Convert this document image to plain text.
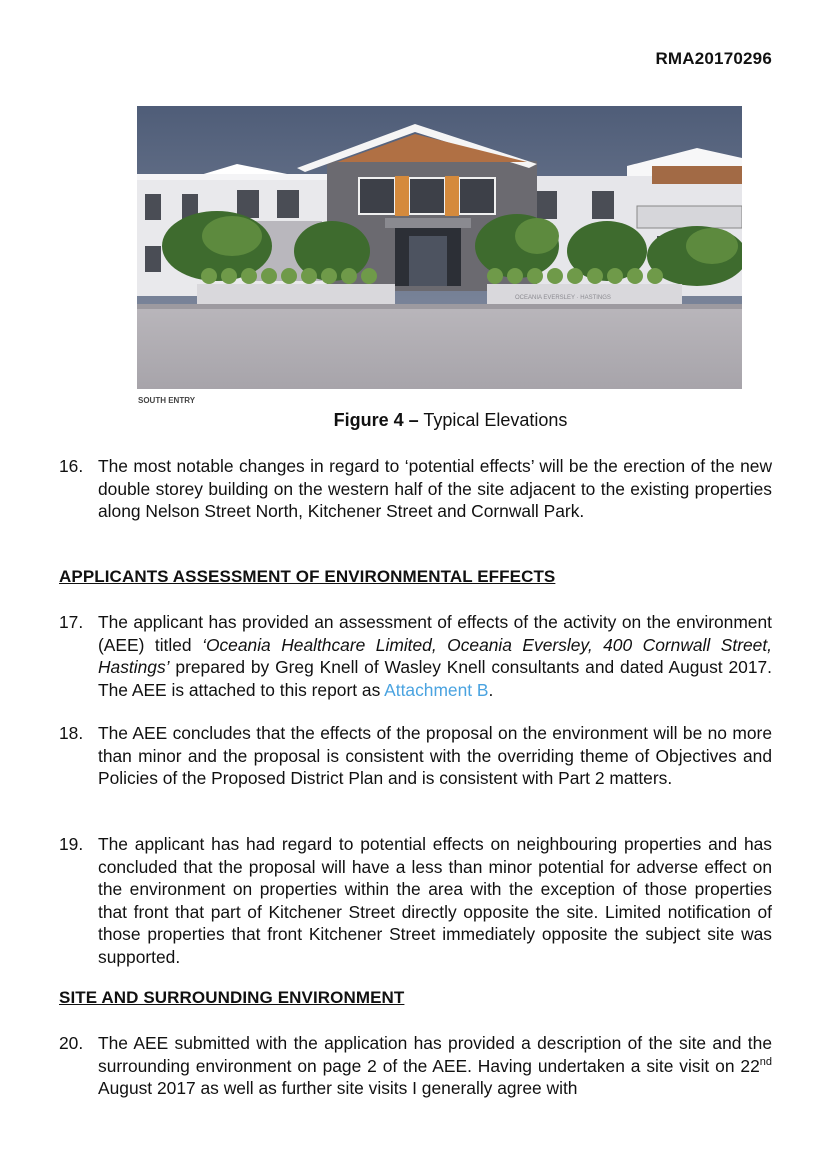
RMA20170296
OCEANIA EVERSLEY · HASTINGS
SOUTH ENTRY
Figure 4 – Typical Elevations
16. The most notable changes in regard to ‘potential effects’ will be the erection of the new double storey building on the western half of the site adjacent to the existing properties along Nelson Street North, Kitchener Street and Cornwall Park.
APPLICANTS ASSESSMENT OF ENVIRONMENTAL EFFECTS
17. The applicant has provided an assessment of effects of the activity on the environment (AEE) titled ‘Oceania Healthcare Limited, Oceania Eversley, 400 Cornwall Street, Hastings’ prepared by Greg Knell of Wasley Knell consultants and dated August 2017. The AEE is attached to this report as Attachment B.
18. The AEE concludes that the effects of the proposal on the environment will be no more than minor and the proposal is consistent with the overriding theme of Objectives and Policies of the Proposed District Plan and is consistent with Part 2 matters.
19. The applicant has had regard to potential effects on neighbouring properties and has concluded that the proposal will have a less than minor potential for adverse effect on the environment on properties within the area with the exception of those properties that front that part of Kitchener Street directly opposite the site. Limited notification of those properties that front Kitchener Street immediately opposite the subject site was supported.
SITE AND SURROUNDING ENVIRONMENT
20. The AEE submitted with the application has provided a description of the site and the surrounding environment on page 2 of the AEE. Having undertaken a site visit on 22nd August 2017 as well as further site visits I generally agree with
